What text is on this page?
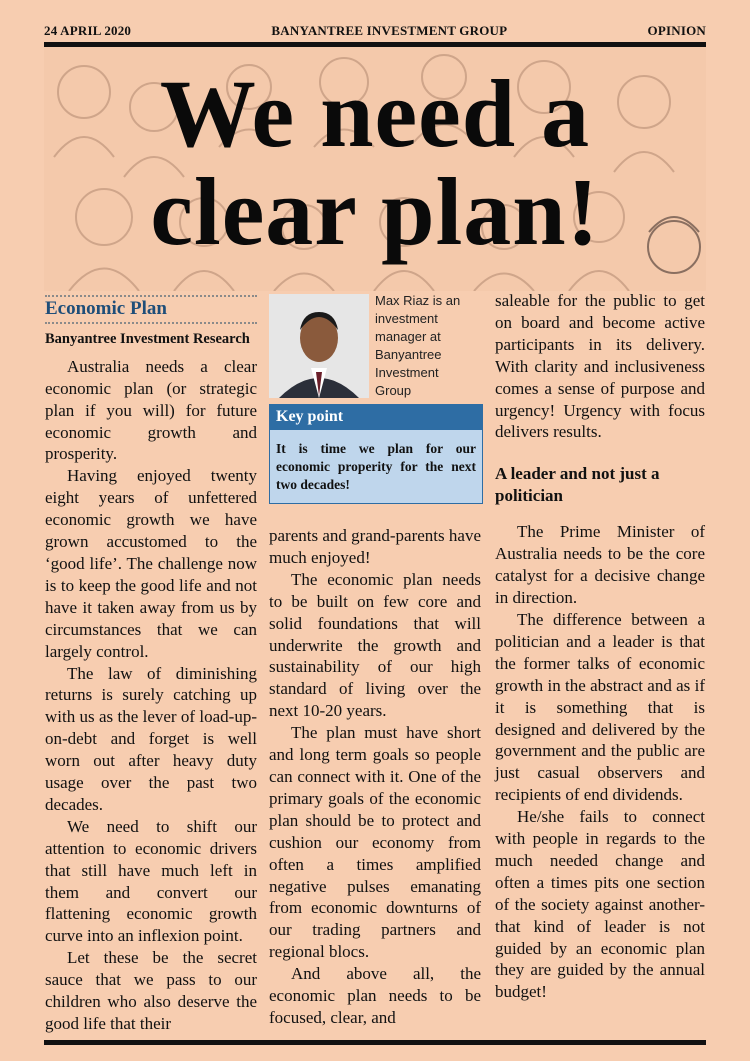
24 APRIL 2020	BANYANTREE INVESTMENT GROUP	OPINION
We need a
clear plan!
Economic Plan
Banyantree Investment Research

Australia needs a clear economic plan (or strategic plan if you will) for future economic growth and prosperity.

Having enjoyed twenty eight years of unfettered economic growth we have grown accustomed to the ‘good life’. The challenge now is to keep the good life and not have it taken away from us by circumstances that we can largely control.

The law of diminishing returns is surely catching up with us as the lever of load-up-on-debt and forget is well worn out after heavy duty usage over the past two decades.

We need to shift our attention to economic drivers that still have much left in them and convert our flattening economic growth curve into an inflexion point.

Let these be the secret sauce that we pass to our children who also deserve the good life that their

Max Riaz is an investment manager at Banyantree Investment Group
Key point
It is time we plan for our economic properity for the next two decades!

parents and grand-parents have much enjoyed!

The economic plan needs to be built on few core and solid foundations that will underwrite the growth and sustainability of our high standard of living over the next 10-20 years.

The plan must have short and long term goals so people can connect with it. One of the primary goals of the economic plan should be to protect and cushion our economy from often a times amplified negative pulses emanating from economic downturns of our trading partners and regional blocs.

And above all, the economic plan needs to be focused, clear, and

saleable for the public to get on board and become active participants in its delivery. With clarity and inclusiveness comes a sense of purpose and urgency! Urgency with focus delivers results.

A leader and not just a politician

The Prime Minister of Australia needs to be the core catalyst for a decisive change in direction.

The difference between a politician and a leader is that the former talks of economic growth in the abstract and as if it is something that is designed and delivered by the government and the public are just casual observers and recipients of end dividends.

He/she fails to connect with people in regards to the much needed change and often a times pits one section of the society against another- that kind of leader is not guided by an economic plan they are guided by the annual budget!
